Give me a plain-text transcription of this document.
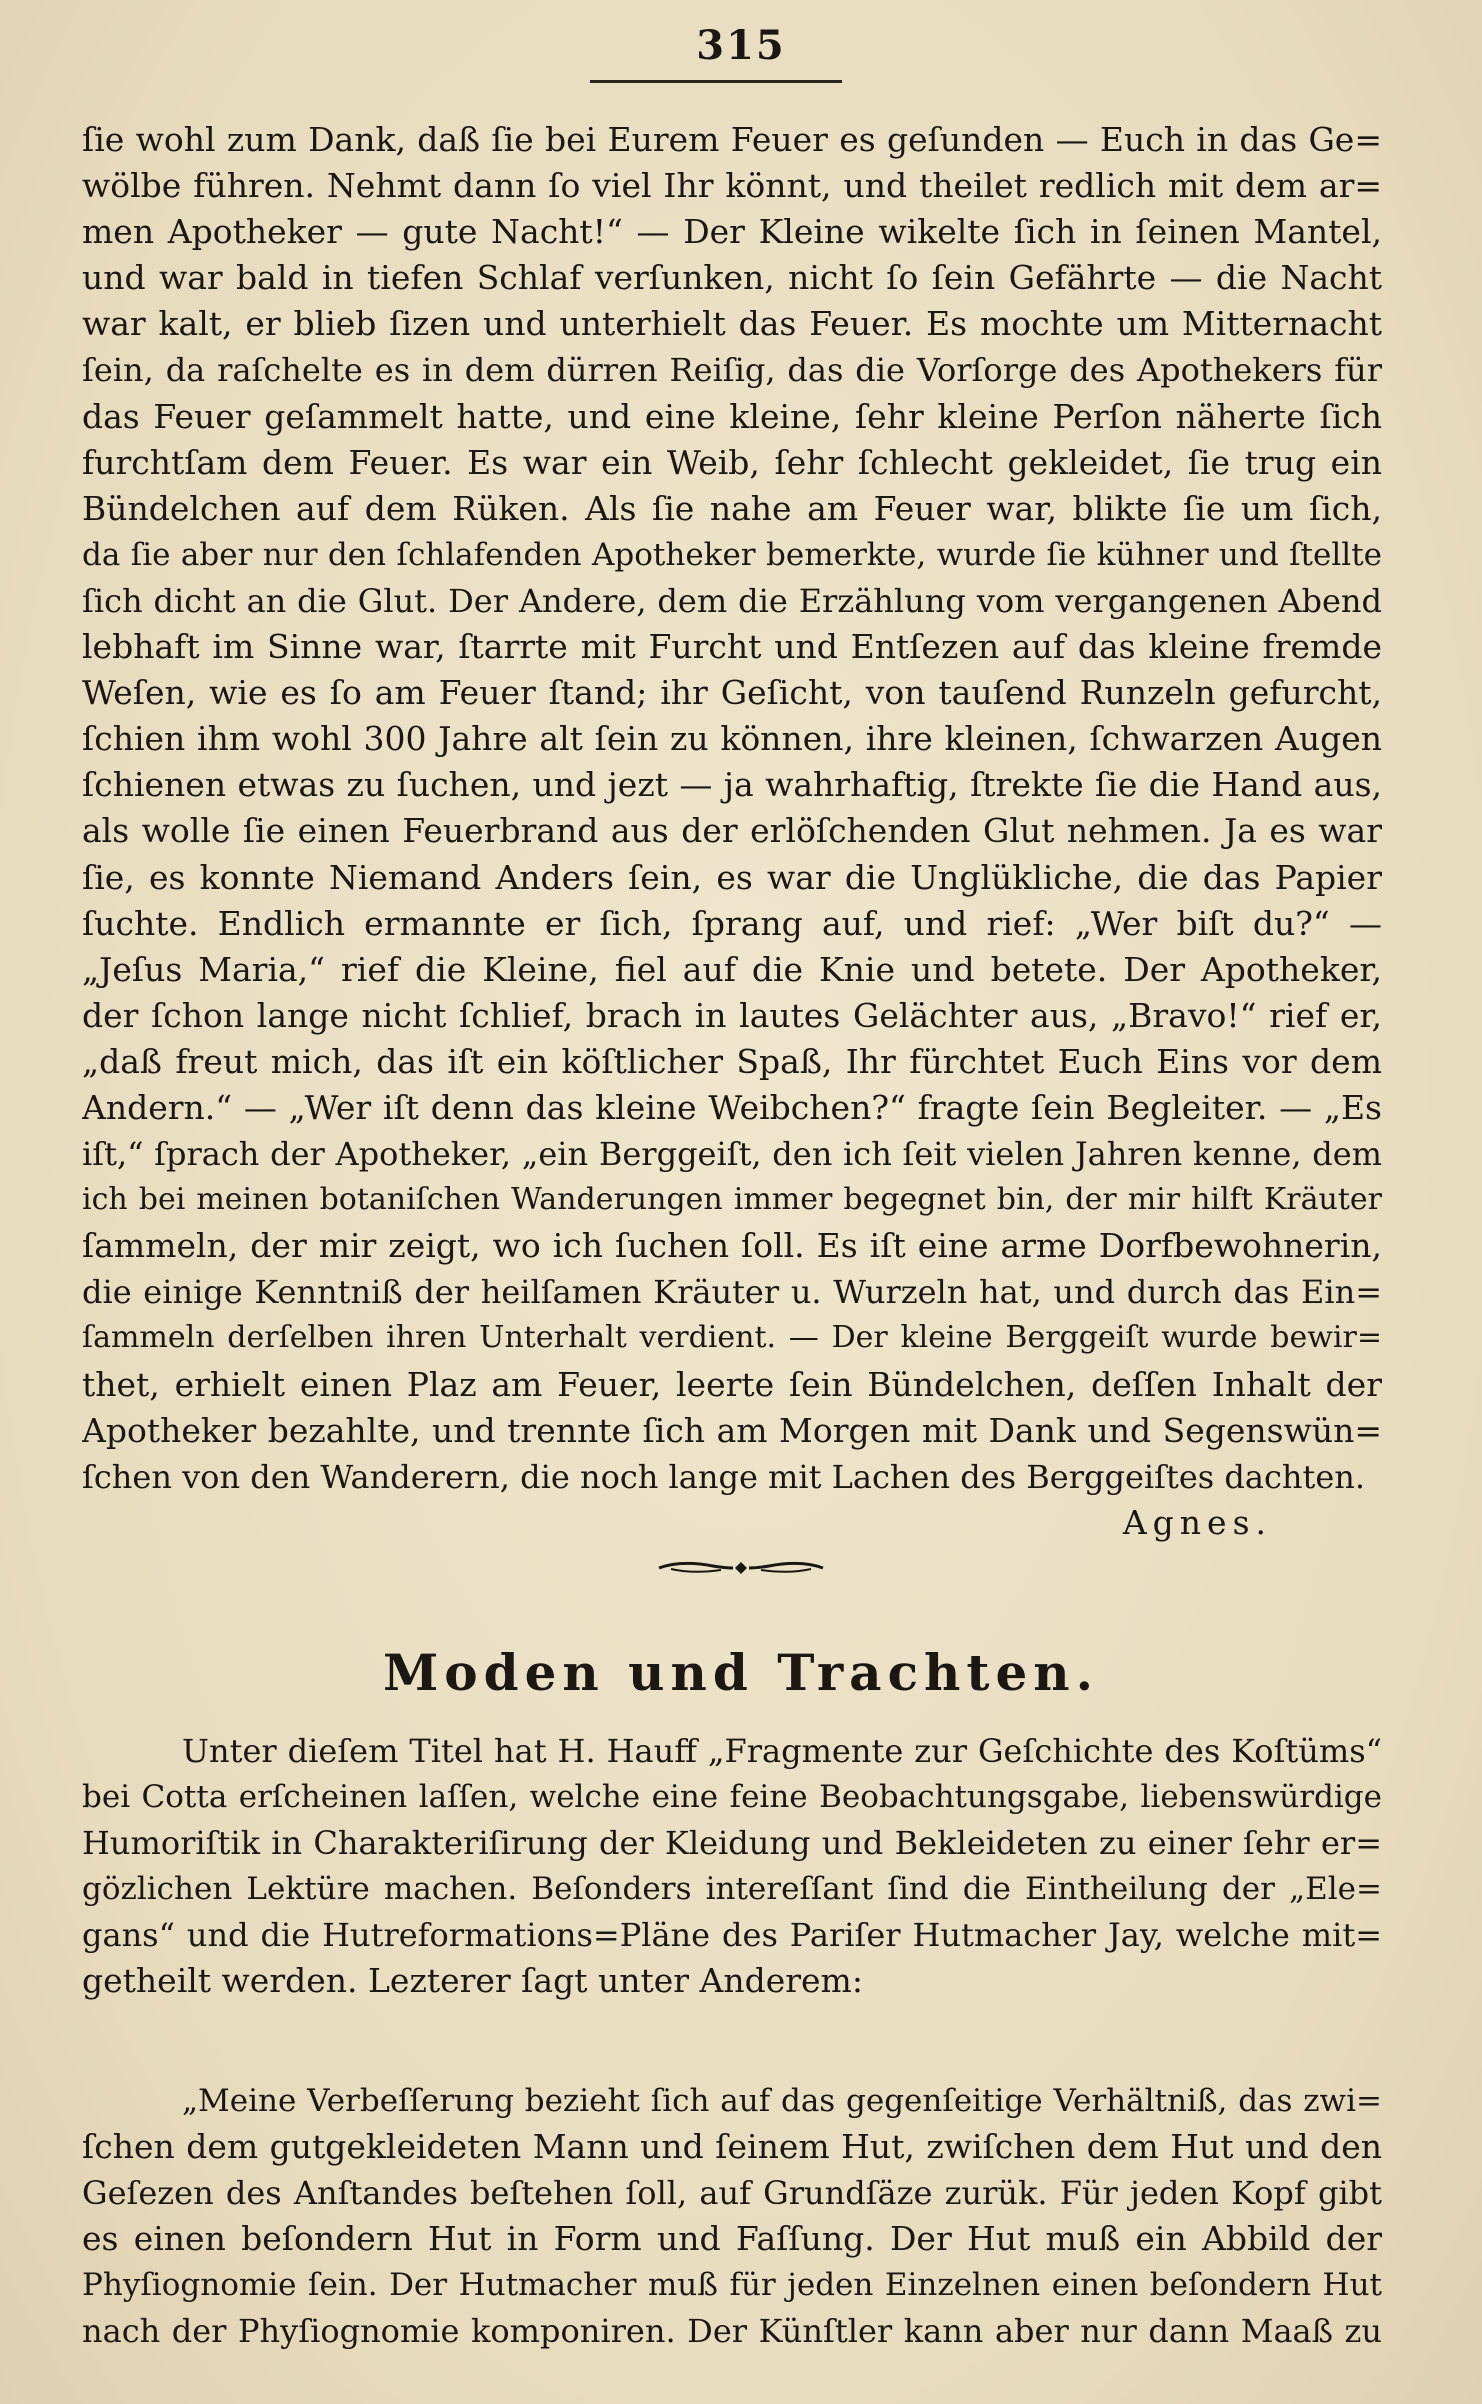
315
ſie wohl zum Dank, daß ſie bei Eurem Feuer es geſunden — Euch in das Ge=
wölbe führen. Nehmt dann ſo viel Ihr könnt, und theilet redlich mit dem ar=
men Apotheker — gute Nacht!“ — Der Kleine wikelte ſich in ſeinen Mantel,
und war bald in tiefen Schlaf verſunken, nicht ſo ſein Gefährte — die Nacht
war kalt, er blieb ſizen und unterhielt das Feuer. Es mochte um Mitternacht
ſein, da raſchelte es in dem dürren Reiſig, das die Vorſorge des Apothekers für
das Feuer geſammelt hatte, und eine kleine, ſehr kleine Perſon näherte ſich
furchtſam dem Feuer. Es war ein Weib, ſehr ſchlecht gekleidet, ſie trug ein
Bündelchen auf dem Rüken. Als ſie nahe am Feuer war, blikte ſie um ſich,
da ſie aber nur den ſchlafenden Apotheker bemerkte, wurde ſie kühner und ſtellte
ſich dicht an die Glut. Der Andere, dem die Erzählung vom vergangenen Abend
lebhaft im Sinne war, ſtarrte mit Furcht und Entſezen auf das kleine fremde
Weſen, wie es ſo am Feuer ſtand; ihr Geſicht, von tauſend Runzeln gefurcht,
ſchien ihm wohl 300 Jahre alt ſein zu können, ihre kleinen, ſchwarzen Augen
ſchienen etwas zu ſuchen, und jezt — ja wahrhaftig, ſtrekte ſie die Hand aus,
als wolle ſie einen Feuerbrand aus der erlöſchenden Glut nehmen. Ja es war
ſie, es konnte Niemand Anders ſein, es war die Unglükliche, die das Papier
ſuchte. Endlich ermannte er ſich, ſprang auf, und rief: „Wer biſt du?“ —
„Jeſus Maria,“ rief die Kleine, fiel auf die Knie und betete. Der Apotheker,
der ſchon lange nicht ſchlief, brach in lautes Gelächter aus, „Bravo!“ rief er,
„daß freut mich, das iſt ein köſtlicher Spaß, Ihr fürchtet Euch Eins vor dem
Andern.“ — „Wer iſt denn das kleine Weibchen?“ fragte ſein Begleiter. — „Es
iſt,“ ſprach der Apotheker, „ein Berggeiſt, den ich ſeit vielen Jahren kenne, dem
ich bei meinen botaniſchen Wanderungen immer begegnet bin, der mir hilft Kräuter
ſammeln, der mir zeigt, wo ich ſuchen ſoll. Es iſt eine arme Dorfbewohnerin,
die einige Kenntniß der heilſamen Kräuter u. Wurzeln hat, und durch das Ein=
ſammeln derſelben ihren Unterhalt verdient. — Der kleine Berggeiſt wurde bewir=
thet, erhielt einen Plaz am Feuer, leerte ſein Bündelchen, deſſen Inhalt der
Apotheker bezahlte, und trennte ſich am Morgen mit Dank und Segenswün=
ſchen von den Wanderern, die noch lange mit Lachen des Berggeiſtes dachten.
Agnes.
Moden und Trachten.
Unter dieſem Titel hat H. Hauff „Fragmente zur Geſchichte des Koſtüms“
bei Cotta erſcheinen laſſen, welche eine feine Beobachtungsgabe, liebenswürdige
Humoriſtik in Charakteriſirung der Kleidung und Bekleideten zu einer ſehr er=
gözlichen Lektüre machen. Beſonders intereſſant ſind die Eintheilung der „Ele=
gans“ und die Hutreformations=Pläne des Pariſer Hutmacher Jay, welche mit=
getheilt werden. Lezterer ſagt unter Anderem:
„Meine Verbeſſerung bezieht ſich auf das gegenſeitige Verhältniß, das zwi=
ſchen dem gutgekleideten Mann und ſeinem Hut, zwiſchen dem Hut und den
Geſezen des Anſtandes beſtehen ſoll, auf Grundſäze zurük. Für jeden Kopf gibt
es einen beſondern Hut in Form und Faſſung. Der Hut muß ein Abbild der
Phyſiognomie ſein. Der Hutmacher muß für jeden Einzelnen einen beſondern Hut
nach der Phyſiognomie komponiren. Der Künſtler kann aber nur dann Maaß zu
